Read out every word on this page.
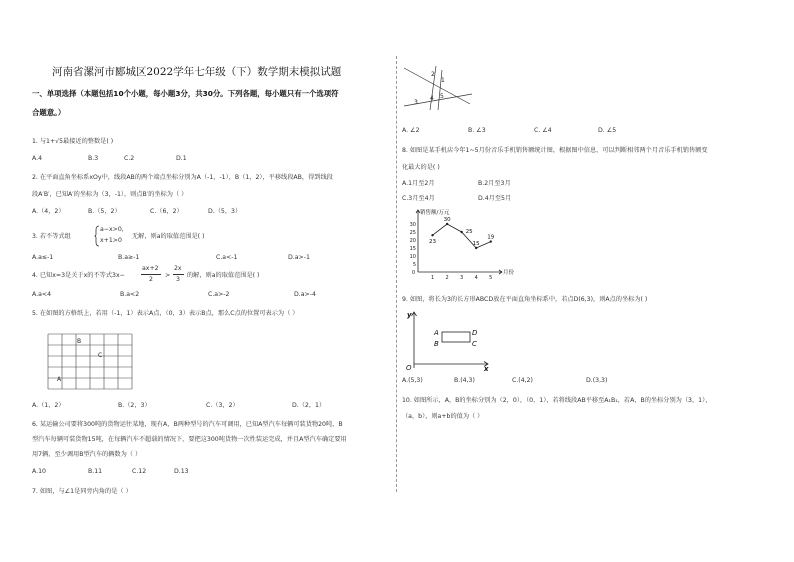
河南省漯河市郾城区2022学年七年级（下）数学期末模拟试题
一、单项选择（本题包括10个小题，每小题3分，共30分。下列各题，每小题只有一个选项符
合题意。）
1. 与1+√5最接近的整数是( )
A.4	B.3	C.2	D.1
2. 在平面直角坐标系xOy中，线段AB的两个端点坐标分别为A（-1，-1），B（1，2），平移线段AB，得到线段
段A′B′，已知A′的坐标为（3，-1），则点B′的坐标为（ ）
A.（4，2）	B.（5，2）	C.（6，2）	D.（5，3）
3. 若不等式组
a−x>0,
x+1>0
无解，则a的取值范围是( )
A.a≤-1	B.a≥-1	C.a<-1	D.a>-1
4. 已知x=3是关于x的不等式3x−
ax+2
2
>
2x
3
的解，则a的取值范围是( )
A.a<4	B.a<2	C.a>-2	D.a>-4
5. 在如图的方格纸上，若用（-1，1）表示A点，（0，3）表示B点，那么C点的位置可表示为（ ）
B
C
A
A.（1，2）	B.（2，3）	C.（3，2）	D.（2，1）
6. 某运输公司要将300吨的货物运往某地，现有A，B两种型号的汽车可调用，已知A型汽车每辆可装货物20吨，B
型汽车每辆可装货物15吨，在每辆汽车不超载的情况下，要把这300吨货物一次性装运完成，并且A型汽车确定要用
用7辆，至少调用B型汽车的辆数为（ ）
A.10	B.11	C.12	D.13
7. 如图，与∠1是同旁内角的是（ ）
2
1
3
4 5
A. ∠2	B. ∠3	C. ∠4	D. ∠5
8. 如图是某手机店今年1~5月份音乐手机销售额统计图，根据图中信息，可以判断相邻两个月音乐手机销售额变
化最大的是( )
A.1月至2月	B.2月至3月
C.3月至4月	D.4月至5月
销售额/万元
月份
5
10
15
20
25
30
0
1 2 3 4 5
23
30
25
15
19
9. 如图，将长为3的长方形ABCD放在平面直角坐标系中，若点D(6,3)，则A点的坐标为( )
y
x
O
A
B
D
C
A.(5,3)	B.(4,3)	C.(4,2)	D.(3,3)
10. 如图所示，A，B的坐标分别为（2，0），（0，1），若将线段AB平移至A₁B₁，若A，B的坐标分别为（3，1），
（a，b），则a+b的值为（ ）
